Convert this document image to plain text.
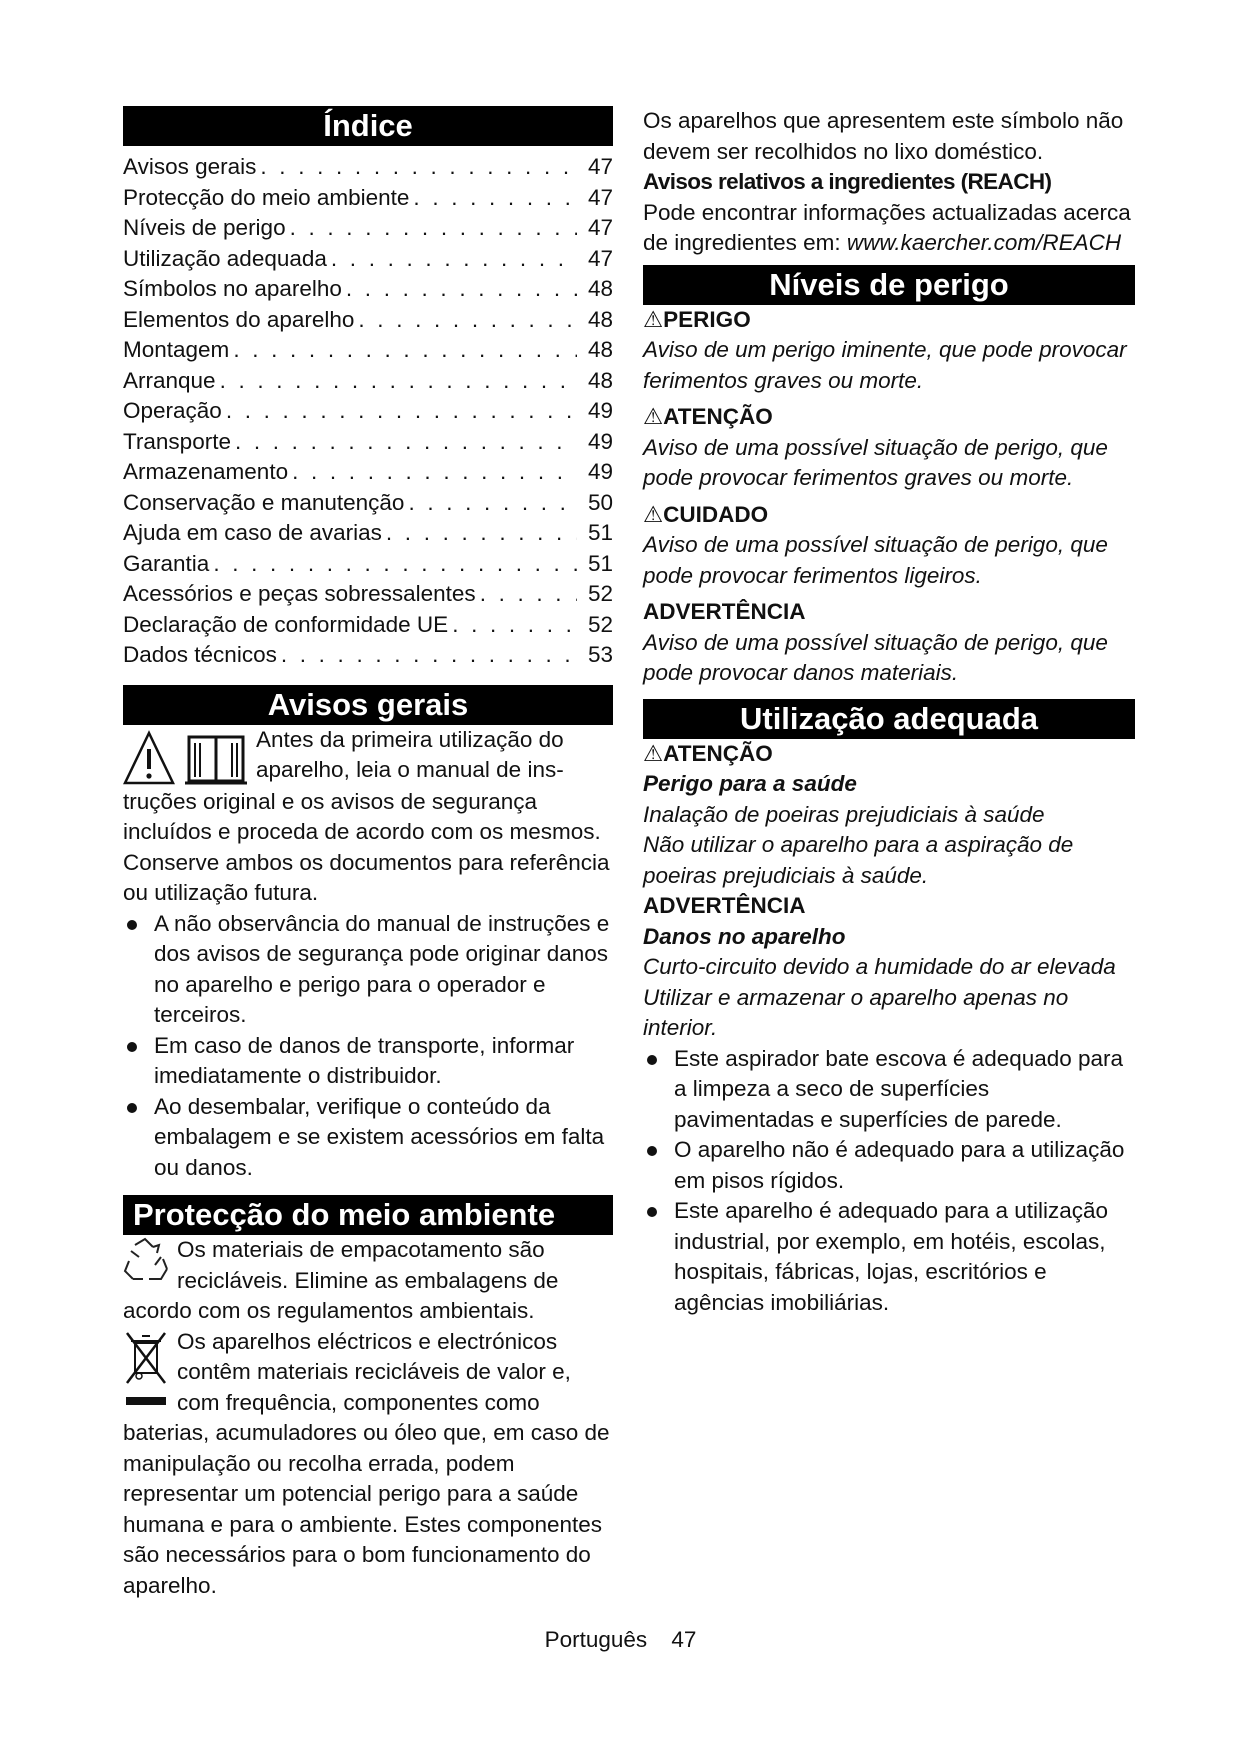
Índice
Avisos gerais . . .	47
Protecção do meio ambiente . . .	47
Níveis de perigo . . .	47
Utilização adequada . . .	47
Símbolos no aparelho . . .	48
Elementos do aparelho . . .	48
Montagem . . .	48
Arranque . . .	48
Operação . . .	49
Transporte . . .	49
Armazenamento . . .	49
Conservação e manutenção . . .	50
Ajuda em caso de avarias . . .	51
Garantia . . .	51
Acessórios e peças sobressalentes . . .	52
Declaração de conformidade UE . . .	52
Dados técnicos . . .	53
Avisos gerais

Antes da primeira utilização do

aparelho, leia o manual de ins-

truções original e os avisos de segurança incluídos e proceda de acordo com os mesmos. Conserve ambos os documentos para referência ou utilização futura.

A não observância do manual de instruções e dos avisos de segurança pode originar danos no aparelho e perigo para o operador e terceiros.

Em caso de danos de transporte, informar imediatamente o distribuidor.

Ao desembalar, verifique o conteúdo da embalagem e se existem acessórios em falta ou danos.

Protecção do meio ambiente

Os materiais de empacotamento são recicláveis. Elimine as embalagens de acordo com os regulamentos ambientais.

Os aparelhos eléctricos e electrónicos contêm materiais recicláveis de valor e, com frequência, componentes como baterias, acumuladores ou óleo que, em caso de manipulação ou recolha errada, podem representar um potencial perigo para a saúde humana e para o ambiente. Estes componentes são necessários para o bom funcionamento do aparelho.

Os aparelhos que apresentem este símbolo não devem ser recolhidos no lixo doméstico.

Avisos relativos a ingredientes (REACH)

Pode encontrar informações actualizadas acerca de ingredientes em: www.kaercher.com/REACH

Níveis de perigo

⚠PERIGO

Aviso de um perigo iminente, que pode provocar ferimentos graves ou morte.

⚠ATENÇÃO

Aviso de uma possível situação de perigo, que pode provocar ferimentos graves ou morte.

⚠CUIDADO

Aviso de uma possível situação de perigo, que pode provocar ferimentos ligeiros.

ADVERTÊNCIA

Aviso de uma possível situação de perigo, que pode provocar danos materiais.

Utilização adequada

⚠ATENÇÃO

Perigo para a saúde

Inalação de poeiras prejudiciais à saúde

Não utilizar o aparelho para a aspiração de poeiras prejudiciais à saúde.

ADVERTÊNCIA

Danos no aparelho

Curto-circuito devido a humidade do ar elevada

Utilizar e armazenar o aparelho apenas no interior.

Este aspirador bate escova é adequado para a limpeza a seco de superfícies pavimentadas e superfícies de parede.

O aparelho não é adequado para a utilização em pisos rígidos.

Este aparelho é adequado para a utilização industrial, por exemplo, em hotéis, escolas, hospitais, fábricas, lojas, escritórios e agências imobiliárias.

Português 47
